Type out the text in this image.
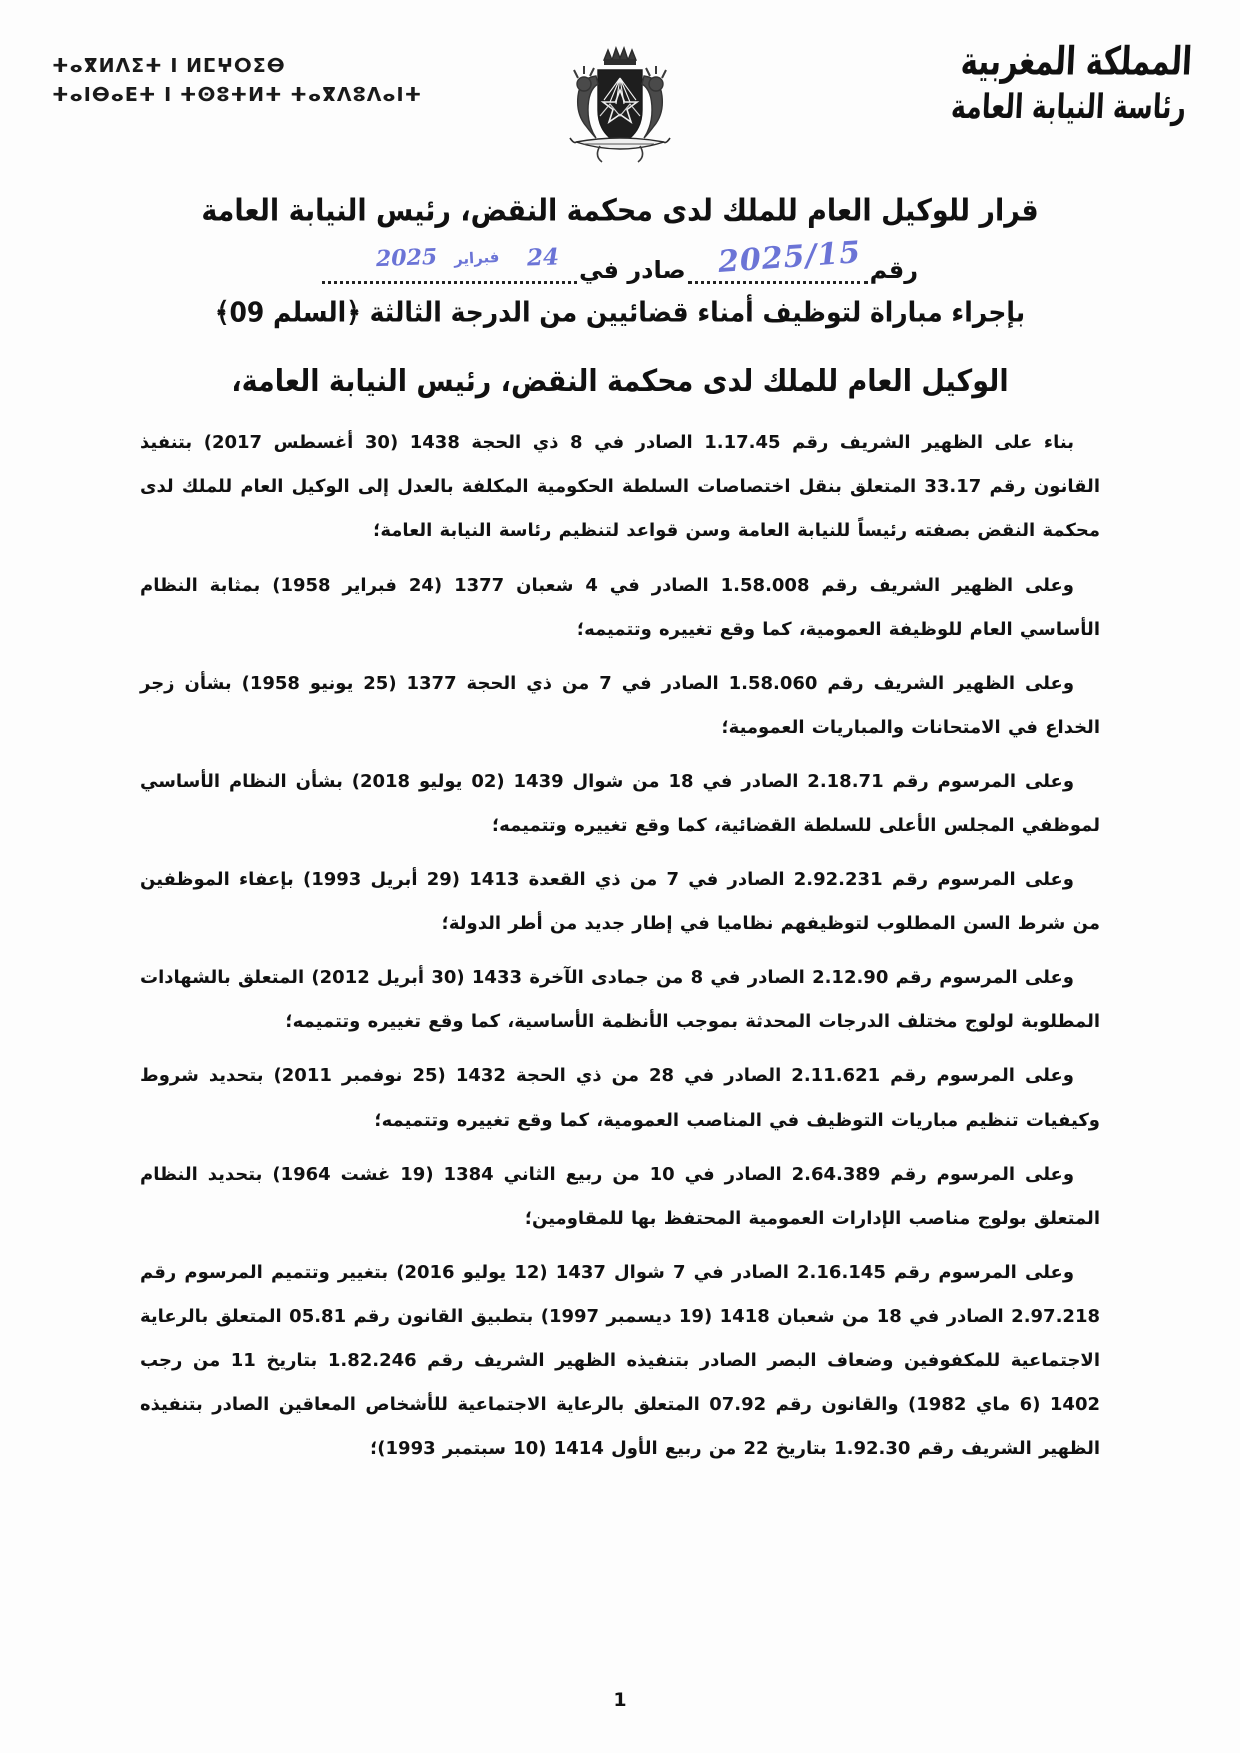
ⵜⴰⴳⵍⴷⵉⵜ ⵏ ⵍⵎⵖⵔⵉⴱ
ⵜⴰⵏⴱⴰⴹⵜ ⵏ ⵜⵙⵓⵜⵍⵜ ⵜⴰⴳⴷⵓⴷⴰⵏⵜ
المملكة المغربية
رئاسة النيابة العامة
قرار للوكيل العام للملك لدى محكمة النقض، رئيس النيابة العامة
رقم
2025/15
صادر في
24
فبراير
2025
بإجراء مباراة لتوظيف أمناء قضائيين من الدرجة الثالثة ﴿السلم 09﴾
الوكيل العام للملك لدى محكمة النقض، رئيس النيابة العامة،

بناء على الظهير الشريف رقم 1.17.45 الصادر في 8 ذي الحجة 1438 (30 أغسطس 2017) بتنفيذ القانون رقم 33.17 المتعلق بنقل اختصاصات السلطة الحكومية المكلفة بالعدل إلى الوكيل العام للملك لدى محكمة النقض بصفته رئيساً للنيابة العامة وسن قواعد لتنظيم رئاسة النيابة العامة؛

وعلى الظهير الشريف رقم 1.58.008 الصادر في 4 شعبان 1377 (24 فبراير 1958) بمثابة النظام الأساسي العام للوظيفة العمومية، كما وقع تغييره وتتميمه؛

وعلى الظهير الشريف رقم 1.58.060 الصادر في 7 من ذي الحجة 1377 (25 يونيو 1958) بشأن زجر الخداع في الامتحانات والمباريات العمومية؛

وعلى المرسوم رقم 2.18.71 الصادر في 18 من شوال 1439 (02 يوليو 2018) بشأن النظام الأساسي لموظفي المجلس الأعلى للسلطة القضائية، كما وقع تغييره وتتميمه؛

وعلى المرسوم رقم 2.92.231 الصادر في 7 من ذي القعدة 1413 (29 أبريل 1993) بإعفاء الموظفين من شرط السن المطلوب لتوظيفهم نظاميا في إطار جديد من أطر الدولة؛

وعلى المرسوم رقم 2.12.90 الصادر في 8 من جمادى الآخرة 1433 (30 أبريل 2012) المتعلق بالشهادات المطلوبة لولوج مختلف الدرجات المحدثة بموجب الأنظمة الأساسية، كما وقع تغييره وتتميمه؛

وعلى المرسوم رقم 2.11.621 الصادر في 28 من ذي الحجة 1432 (25 نوفمبر 2011) بتحديد شروط وكيفيات تنظيم مباريات التوظيف في المناصب العمومية، كما وقع تغييره وتتميمه؛

وعلى المرسوم رقم 2.64.389 الصادر في 10 من ربيع الثاني 1384 (19 غشت 1964) بتحديد النظام المتعلق بولوج مناصب الإدارات العمومية المحتفظ بها للمقاومين؛

وعلى المرسوم رقم 2.16.145 الصادر في 7 شوال 1437 (12 يوليو 2016) بتغيير وتتميم المرسوم رقم 2.97.218 الصادر في 18 من شعبان 1418 (19 ديسمبر 1997) بتطبيق القانون رقم 05.81 المتعلق بالرعاية الاجتماعية للمكفوفين وضعاف البصر الصادر بتنفيذه الظهير الشريف رقم 1.82.246 بتاريخ 11 من رجب 1402 (6 ماي 1982) والقانون رقم 07.92 المتعلق بالرعاية الاجتماعية للأشخاص المعاقين الصادر بتنفيذه الظهير الشريف رقم 1.92.30 بتاريخ 22 من ربيع الأول 1414 (10 سبتمبر 1993)؛

1
